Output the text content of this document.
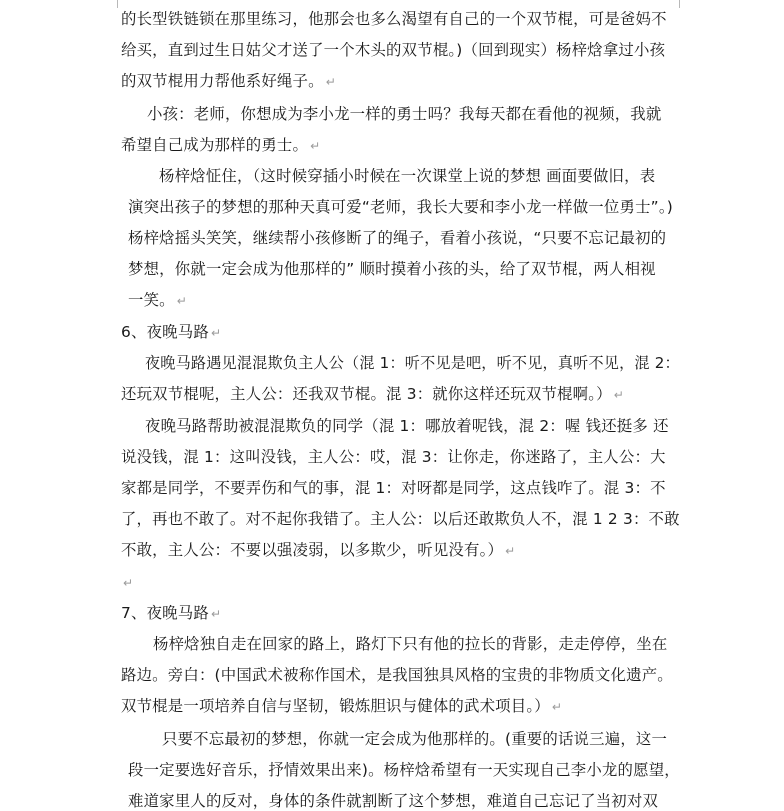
的长型铁链锁在那里练习，他那会也多么渴望有自己的一个双节棍，可是爸妈不
给买，直到过生日姑父才送了一个木头的双节棍。)（回到现实）杨梓焓拿过小孩
的双节棍用力帮他系好绳子。 ↵
小孩：老师，你想成为李小龙一样的勇士吗？我每天都在看他的视频，我就
希望自己成为那样的勇士。 ↵
杨梓焓怔住，（这时候穿插小时候在一次课堂上说的梦想 画面要做旧，表
演突出孩子的梦想的那种天真可爱“老师，我长大要和李小龙一样做一位勇士”。)
杨梓焓摇头笑笑，继续帮小孩修断了的绳子，看着小孩说，“只要不忘记最初的
梦想，你就一定会成为他那样的” 顺时摸着小孩的头，给了双节棍，两人相视
一笑。 ↵
6、夜晚马路 ↵
夜晚马路遇见混混欺负主人公（混 1：听不见是吧，听不见，真听不见，混 2：
还玩双节棍呢，主人公：还我双节棍。混 3：就你这样还玩双节棍啊。） ↵
夜晚马路帮助被混混欺负的同学（混 1：哪放着呢钱，混 2：喔 钱还挺多 还
说没钱，混 1：这叫没钱，主人公：哎，混 3：让你走，你迷路了，主人公：大
家都是同学，不要弄伤和气的事，混 1：对呀都是同学，这点钱咋了。混 3：不
了，再也不敢了。对不起你我错了。主人公：以后还敢欺负人不，混 1 2 3：不敢
不敢，主人公：不要以强凌弱，以多欺少，听见没有。） ↵
↵
7、夜晚马路 ↵
杨梓焓独自走在回家的路上，路灯下只有他的拉长的背影，走走停停，坐在
路边。旁白：(中国武术被称作国术，是我国独具风格的宝贵的非物质文化遗产。
双节棍是一项培养自信与坚韧，锻炼胆识与健体的武术项目。） ↵
只要不忘最初的梦想，你就一定会成为他那样的。(重要的话说三遍，这一
段一定要选好音乐，抒情效果出来)。杨梓焓希望有一天实现自己李小龙的愿望，
难道家里人的反对，身体的条件就割断了这个梦想，难道自己忘记了当初对双
